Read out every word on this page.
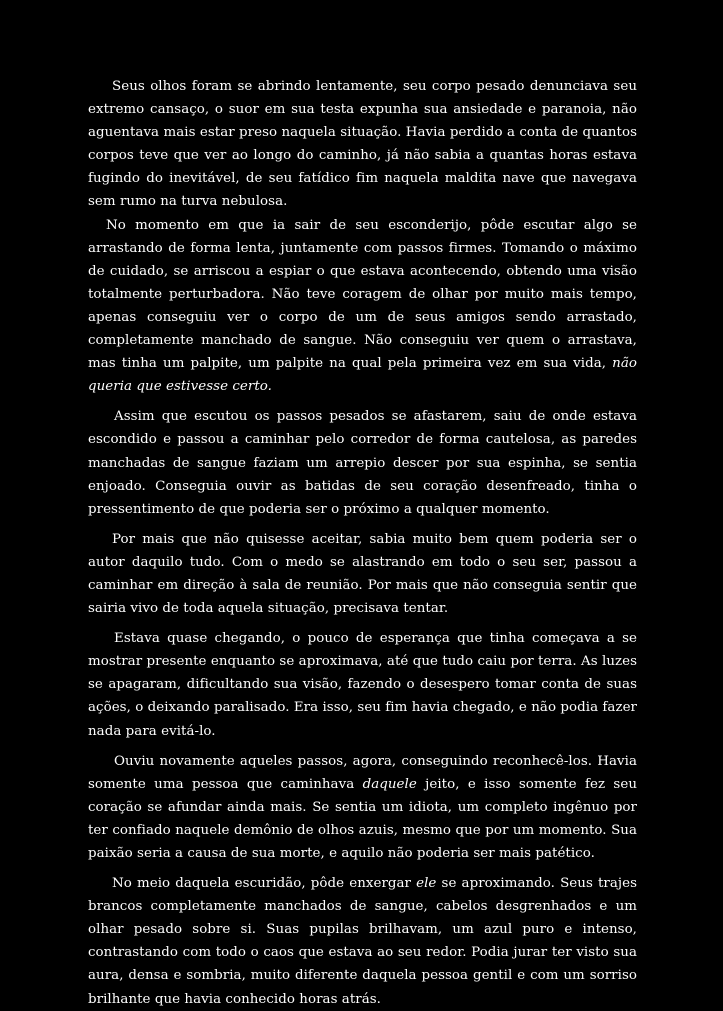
Seus olhos foram se abrindo lentamente, seu corpo pesado denunciava seu extremo cansaço, o suor em sua testa expunha sua ansiedade e paranoia, não aguentava mais estar preso naquela situação. Havia perdido a conta de quantos corpos teve que ver ao longo do caminho, já não sabia a quantas horas estava fugindo do inevitável, de seu fatídico fim naquela maldita nave que navegava sem rumo na turva nebulosa.

No momento em que ia sair de seu esconderijo, pôde escutar algo se arrastando de forma lenta, juntamente com passos firmes. Tomando o máximo de cuidado, se arriscou a espiar o que estava acontecendo, obtendo uma visão totalmente perturbadora. Não teve coragem de olhar por muito mais tempo, apenas conseguiu ver o corpo de um de seus amigos sendo arrastado, completamente manchado de sangue. Não conseguiu ver quem o arrastava, mas tinha um palpite, um palpite na qual pela primeira vez em sua vida, não queria que estivesse certo.

Assim que escutou os passos pesados se afastarem, saiu de onde estava escondido e passou a caminhar pelo corredor de forma cautelosa, as paredes manchadas de sangue faziam um arrepio descer por sua espinha, se sentia enjoado. Conseguia ouvir as batidas de seu coração desenfreado, tinha o pressentimento de que poderia ser o próximo a qualquer momento.

Por mais que não quisesse aceitar, sabia muito bem quem poderia ser o autor daquilo tudo. Com o medo se alastrando em todo o seu ser, passou a caminhar em direção à sala de reunião. Por mais que não conseguia sentir que sairia vivo de toda aquela situação, precisava tentar.

Estava quase chegando, o pouco de esperança que tinha começava a se mostrar presente enquanto se aproximava, até que tudo caiu por terra. As luzes se apagaram, dificultando sua visão, fazendo o desespero tomar conta de suas ações, o deixando paralisado. Era isso, seu fim havia chegado, e não podia fazer nada para evitá-lo.

Ouviu novamente aqueles passos, agora, conseguindo reconhecê-los. Havia somente uma pessoa que caminhava daquele jeito, e isso somente fez seu coração se afundar ainda mais. Se sentia um idiota, um completo ingênuo por ter confiado naquele demônio de olhos azuis, mesmo que por um momento. Sua paixão seria a causa de sua morte, e aquilo não poderia ser mais patético.

No meio daquela escuridão, pôde enxergar ele se aproximando. Seus trajes brancos completamente manchados de sangue, cabelos desgrenhados e um olhar pesado sobre si. Suas pupilas brilhavam, um azul puro e intenso, contrastando com todo o caos que estava ao seu redor. Podia jurar ter visto sua aura, densa e sombria, muito diferente daquela pessoa gentil e com um sorriso brilhante que havia conhecido horas atrás.
